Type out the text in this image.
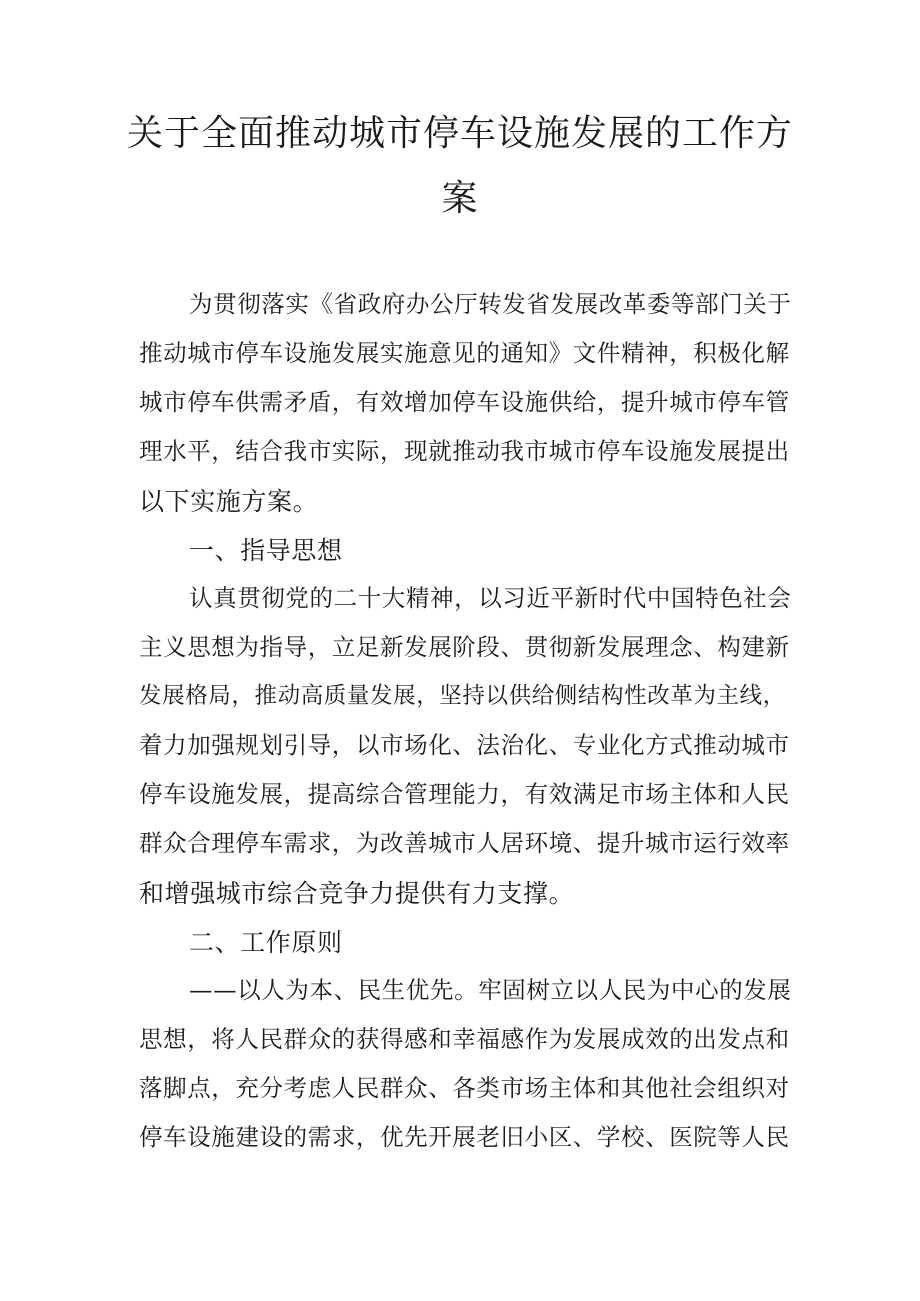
关于全面推动城市停车设施发展的工作方
案
为贯彻落实《省政府办公厅转发省发展改革委等部门关于
推动城市停车设施发展实施意见的通知》文件精神，积极化解
城市停车供需矛盾，有效增加停车设施供给，提升城市停车管
理水平，结合我市实际，现就推动我市城市停车设施发展提出
以下实施方案。
一、指导思想
认真贯彻党的二十大精神，以习近平新时代中国特色社会
主义思想为指导，立足新发展阶段、贯彻新发展理念、构建新
发展格局，推动高质量发展，坚持以供给侧结构性改革为主线，
着力加强规划引导，以市场化、法治化、专业化方式推动城市
停车设施发展，提高综合管理能力，有效满足市场主体和人民
群众合理停车需求，为改善城市人居环境、提升城市运行效率
和增强城市综合竞争力提供有力支撑。
二、工作原则
——以人为本、民生优先。牢固树立以人民为中心的发展
思想，将人民群众的获得感和幸福感作为发展成效的出发点和
落脚点，充分考虑人民群众、各类市场主体和其他社会组织对
停车设施建设的需求，优先开展老旧小区、学校、医院等人民
